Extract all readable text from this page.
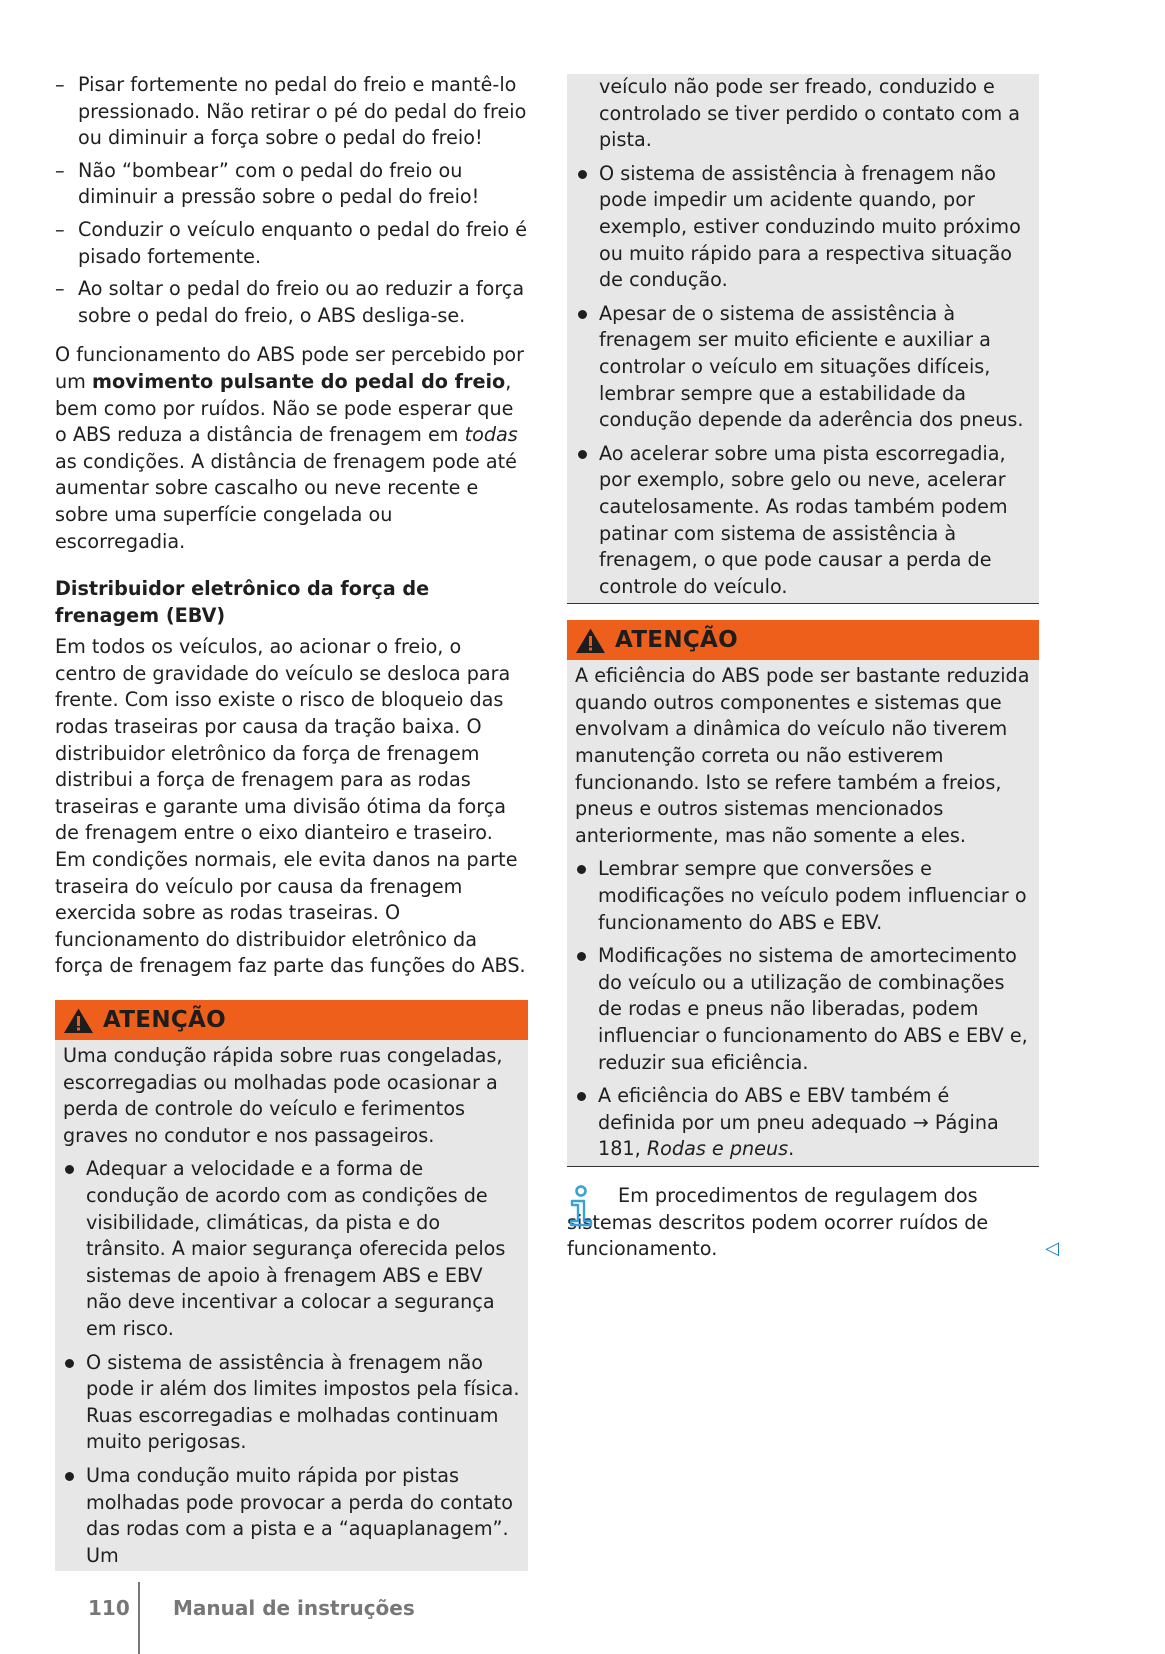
– Pisar fortemente no pedal do freio e mantê-lo pressionado. Não retirar o pé do pedal do freio ou diminuir a força sobre o pedal do freio!
– Não “bombear” com o pedal do freio ou diminuir a pressão sobre o pedal do freio!
– Conduzir o veículo enquanto o pedal do freio é pisado fortemente.
– Ao soltar o pedal do freio ou ao reduzir a força sobre o pedal do freio, o ABS desliga-se.

O funcionamento do ABS pode ser percebido por um movimento pulsante do pedal do freio, bem como por ruídos. Não se pode esperar que o ABS reduza a distância de frenagem em todas as condições. A distância de frenagem pode até aumentar sobre cascalho ou neve recente e sobre uma superfície congelada ou escorregadia.

Distribuidor eletrônico da força de frenagem (EBV)

Em todos os veículos, ao acionar o freio, o centro de gravidade do veículo se desloca para frente. Com isso existe o risco de bloqueio das rodas traseiras por causa da tração baixa. O distribuidor eletrônico da força de frenagem distribui a força de frenagem para as rodas traseiras e garante uma divisão ótima da força de frenagem entre o eixo dianteiro e traseiro. Em condições normais, ele evita danos na parte traseira do veículo por causa da frenagem exercida sobre as rodas traseiras. O funcionamento do distribuidor eletrônico da força de frenagem faz parte das funções do ABS.

ATENÇÃO

Uma condução rápida sobre ruas congeladas, escorregadias ou molhadas pode ocasionar a perda de controle do veículo e ferimentos graves no condutor e nos passageiros.

Adequar a velocidade e a forma de condução de acordo com as condições de visibilidade, climáticas, da pista e do trânsito. A maior segurança oferecida pelos sistemas de apoio à frenagem ABS e EBV não deve incentivar a colocar a segurança em risco.
O sistema de assistência à frenagem não pode ir além dos limites impostos pela física. Ruas escorregadias e molhadas continuam muito perigosas.
Uma condução muito rápida por pistas molhadas pode provocar a perda do contato das rodas com a pista e a “aquaplanagem”. Um

veículo não pode ser freado, conduzido e controlado se tiver perdido o contato com a pista.

O sistema de assistência à frenagem não pode impedir um acidente quando, por exemplo, estiver conduzindo muito próximo ou muito rápido para a respectiva situação de condução.
Apesar de o sistema de assistência à frenagem ser muito eficiente e auxiliar a controlar o veículo em situações difíceis, lembrar sempre que a estabilidade da condução depende da aderência dos pneus.
Ao acelerar sobre uma pista escorregadia, por exemplo, sobre gelo ou neve, acelerar cautelosamente. As rodas também podem patinar com sistema de assistência à frenagem, o que pode causar a perda de controle do veículo.
ATENÇÃO

A eficiência do ABS pode ser bastante reduzida quando outros componentes e sistemas que envolvam a dinâmica do veículo não tiverem manutenção correta ou não estiverem funcionando. Isto se refere também a freios, pneus e outros sistemas mencionados anteriormente, mas não somente a eles.

Lembrar sempre que conversões e modificações no veículo podem influenciar o funcionamento do ABS e EBV.
Modificações no sistema de amortecimento do veículo ou a utilização de combinações de rodas e pneus não liberadas, podem influenciar o funcionamento do ABS e EBV e, reduzir sua eficiência.
A eficiência do ABS e EBV também é definida por um pneu adequado → Página 181, Rodas e pneus.

Em procedimentos de regulagem dos sistemas descritos podem ocorrer ruídos de funcionamento.	◁
110 Manual de instruções
